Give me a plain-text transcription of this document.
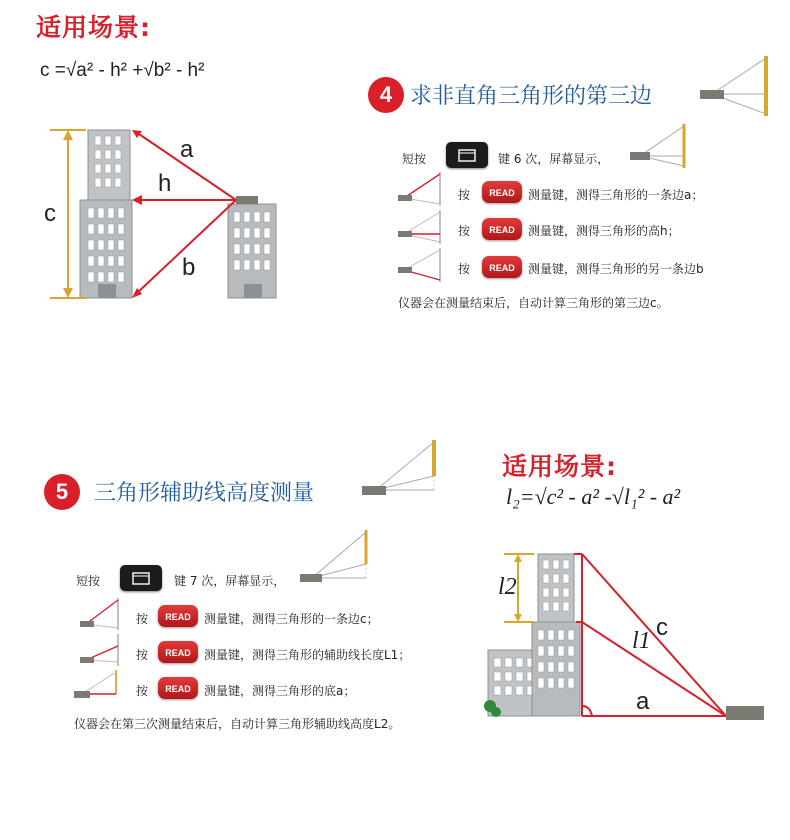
适用场景:
c =√a² - h² +√b² - h²
a
h
b
c
4 求非直角三角形的第三边
短按	键 6 次，屏幕显示，
按	READ	测量键，测得三角形的一条边a；
按	READ	测量键，测得三角形的高h；
按	READ	测量键，测得三角形的另一条边b
仪器会在测量结束后，自动计算三角形的第三边c。
5	三角形辅助线高度测量
短按	键 7 次，屏幕显示，
按	READ	测量键，测得三角形的一条边c；
按	READ	测量键，测得三角形的辅助线长度L1；
按	READ	测量键，测得三角形的底a；
仪器会在第三次测量结束后，自动计算三角形辅助线高度L2。
适用场景:
l₂=√c² - a² -√l₁² - a²
l2
l1 c
a
